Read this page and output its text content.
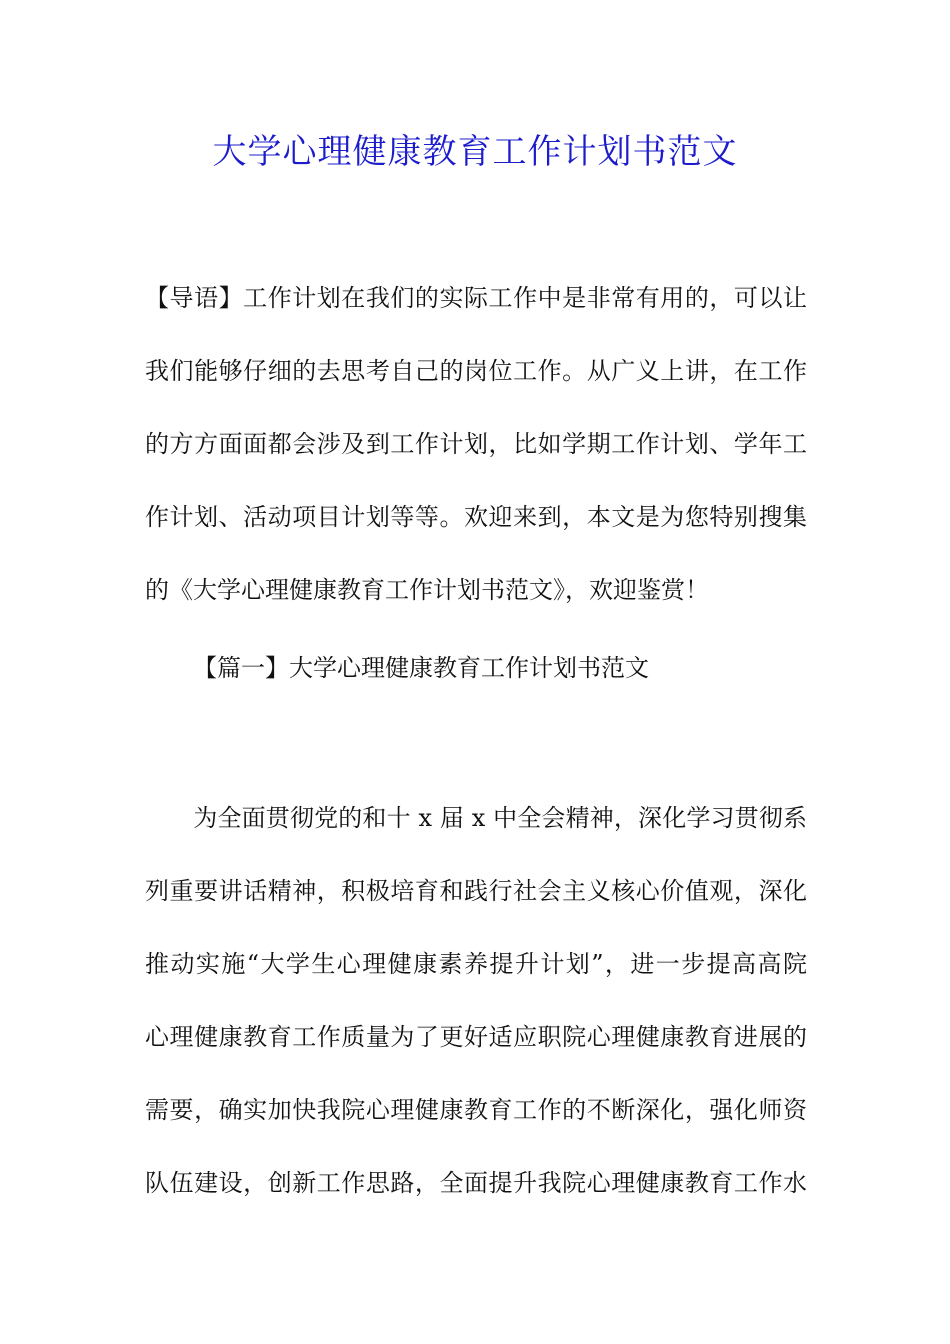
大学心理健康教育工作计划书范文
【导语】工作计划在我们的实际工作中是非常有用的，可以让
我们能够仔细的去思考自己的岗位工作。从广义上讲，在工作
的方方面面都会涉及到工作计划，比如学期工作计划、学年工
作计划、活动项目计划等等。欢迎来到，本文是为您特别搜集
的《大学心理健康教育工作计划书范文》，欢迎鉴赏！
【篇一】大学心理健康教育工作计划书范文
　　为全面贯彻党的和十 x 届 x 中全会精神，深化学习贯彻系
列重要讲话精神，积极培育和践行社会主义核心价值观，深化
推动实施“大学生心理健康素养提升计划”，进一步提高高院
心理健康教育工作质量为了更好适应职院心理健康教育进展的
需要，确实加快我院心理健康教育工作的不断深化，强化师资
队伍建设，创新工作思路，全面提升我院心理健康教育工作水
